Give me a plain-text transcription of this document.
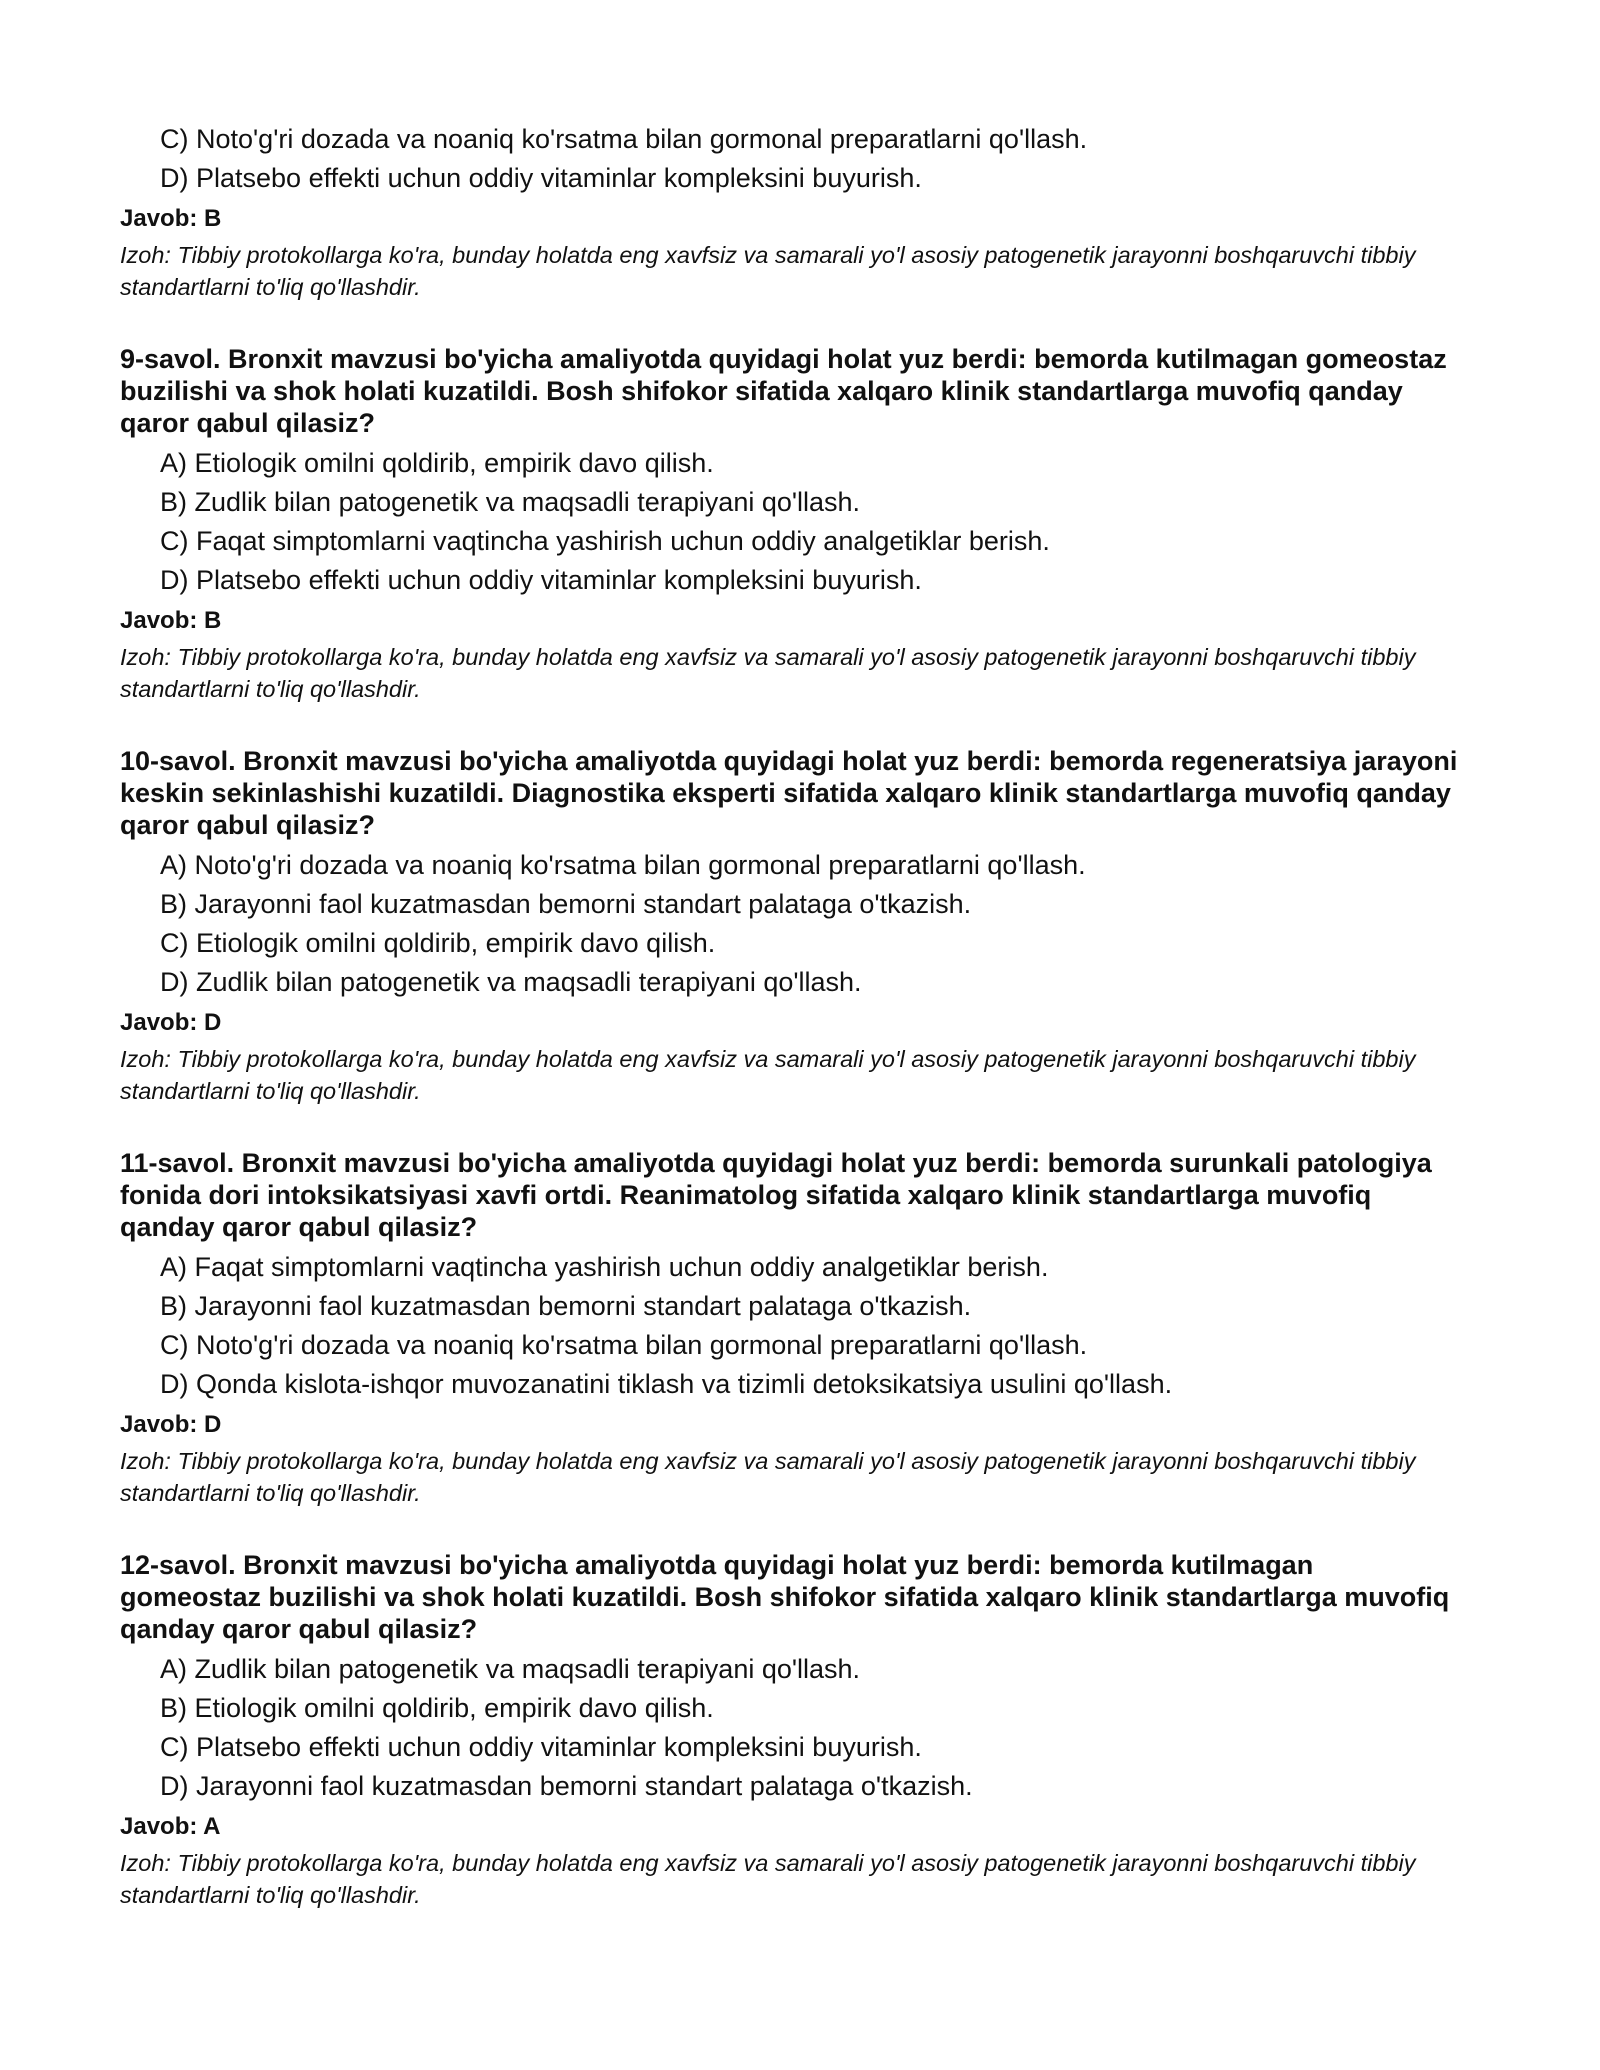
C) Noto'g'ri dozada va noaniq ko'rsatma bilan gormonal preparatlarni qo'llash.
D) Platsebo effekti uchun oddiy vitaminlar kompleksini buyurish.
Javob: B
Izoh: Tibbiy protokollarga ko'ra, bunday holatda eng xavfsiz va samarali yo'l asosiy patogenetik jarayonni boshqaruvchi tibbiy standartlarni to'liq qo'llashdir.
9-savol. Bronxit mavzusi bo'yicha amaliyotda quyidagi holat yuz berdi: bemorda kutilmagan gomeostaz buzilishi va shok holati kuzatildi. Bosh shifokor sifatida xalqaro klinik standartlarga muvofiq qanday qaror qabul qilasiz?
A) Etiologik omilni qoldirib, empirik davo qilish.
B) Zudlik bilan patogenetik va maqsadli terapiyani qo'llash.
C) Faqat simptomlarni vaqtincha yashirish uchun oddiy analgetiklar berish.
D) Platsebo effekti uchun oddiy vitaminlar kompleksini buyurish.
Javob: B
Izoh: Tibbiy protokollarga ko'ra, bunday holatda eng xavfsiz va samarali yo'l asosiy patogenetik jarayonni boshqaruvchi tibbiy standartlarni to'liq qo'llashdir.
10-savol. Bronxit mavzusi bo'yicha amaliyotda quyidagi holat yuz berdi: bemorda regeneratsiya jarayoni keskin sekinlashishi kuzatildi. Diagnostika eksperti sifatida xalqaro klinik standartlarga muvofiq qanday qaror qabul qilasiz?
A) Noto'g'ri dozada va noaniq ko'rsatma bilan gormonal preparatlarni qo'llash.
B) Jarayonni faol kuzatmasdan bemorni standart palataga o'tkazish.
C) Etiologik omilni qoldirib, empirik davo qilish.
D) Zudlik bilan patogenetik va maqsadli terapiyani qo'llash.
Javob: D
Izoh: Tibbiy protokollarga ko'ra, bunday holatda eng xavfsiz va samarali yo'l asosiy patogenetik jarayonni boshqaruvchi tibbiy standartlarni to'liq qo'llashdir.
11-savol. Bronxit mavzusi bo'yicha amaliyotda quyidagi holat yuz berdi: bemorda surunkali patologiya fonida dori intoksikatsiyasi xavfi ortdi. Reanimatolog sifatida xalqaro klinik standartlarga muvofiq qanday qaror qabul qilasiz?
A) Faqat simptomlarni vaqtincha yashirish uchun oddiy analgetiklar berish.
B) Jarayonni faol kuzatmasdan bemorni standart palataga o'tkazish.
C) Noto'g'ri dozada va noaniq ko'rsatma bilan gormonal preparatlarni qo'llash.
D) Qonda kislota-ishqor muvozanatini tiklash va tizimli detoksikatsiya usulini qo'llash.
Javob: D
Izoh: Tibbiy protokollarga ko'ra, bunday holatda eng xavfsiz va samarali yo'l asosiy patogenetik jarayonni boshqaruvchi tibbiy standartlarni to'liq qo'llashdir.
12-savol. Bronxit mavzusi bo'yicha amaliyotda quyidagi holat yuz berdi: bemorda kutilmagan gomeostaz buzilishi va shok holati kuzatildi. Bosh shifokor sifatida xalqaro klinik standartlarga muvofiq qanday qaror qabul qilasiz?
A) Zudlik bilan patogenetik va maqsadli terapiyani qo'llash.
B) Etiologik omilni qoldirib, empirik davo qilish.
C) Platsebo effekti uchun oddiy vitaminlar kompleksini buyurish.
D) Jarayonni faol kuzatmasdan bemorni standart palataga o'tkazish.
Javob: A
Izoh: Tibbiy protokollarga ko'ra, bunday holatda eng xavfsiz va samarali yo'l asosiy patogenetik jarayonni boshqaruvchi tibbiy standartlarni to'liq qo'llashdir.
